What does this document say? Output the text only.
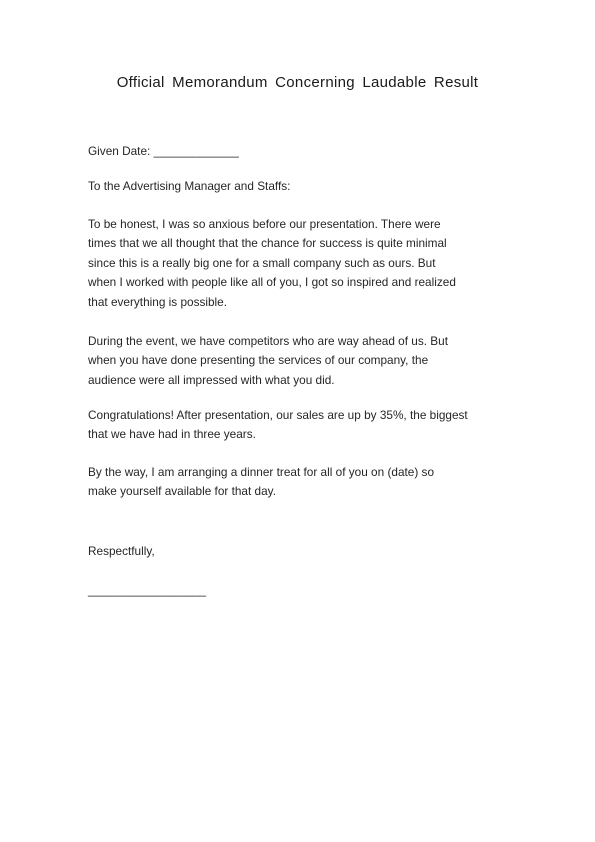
Official Memorandum Concerning Laudable Result
Given Date: _____________
To the Advertising Manager and Staffs:
To be honest, I was so anxious before our presentation. There were
times that we all thought that the chance for success is quite minimal
since this is a really big one for a small company such as ours. But
when I worked with people like all of you, I got so inspired and realized
that everything is possible.
During the event, we have competitors who are way ahead of us. But
when you have done presenting the services of our company, the
audience were all impressed with what you did.
Congratulations! After presentation, our sales are up by 35%, the biggest
that we have had in three years.
By the way, I am arranging a dinner treat for all of you on (date) so
make yourself available for that day.
Respectfully,
__________________
